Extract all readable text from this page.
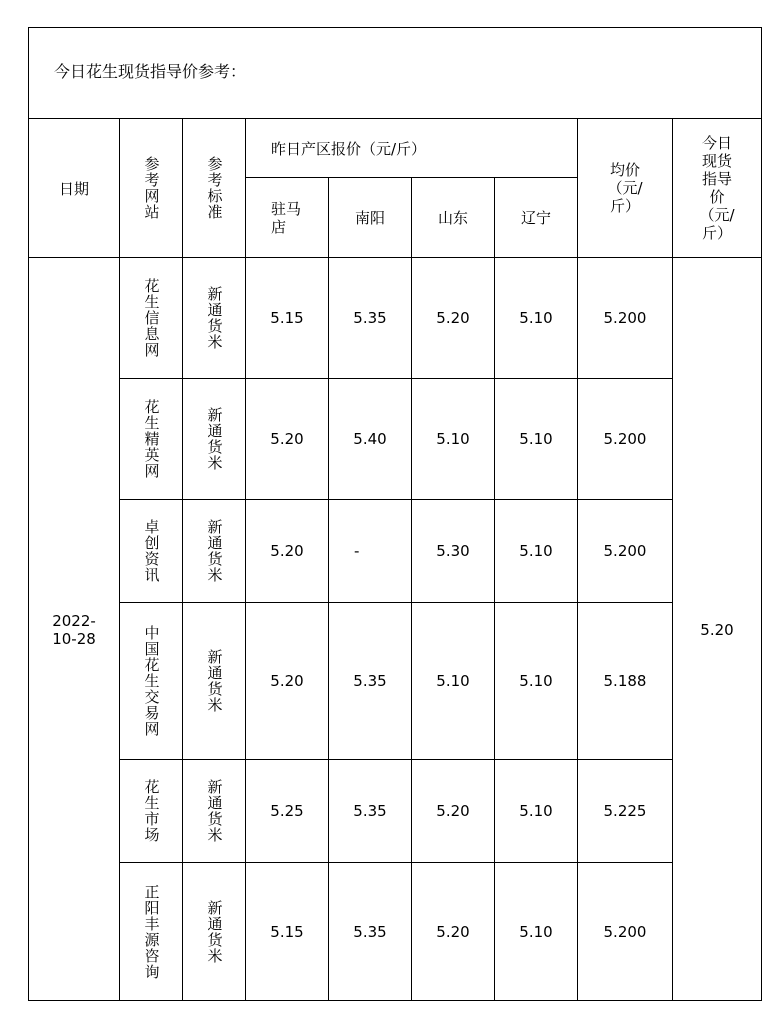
今日花生现货指导价参考：
日期	参考网站	参考标准
昨日产区报价（元/斤）
驻马店	南阳	山东	辽宁
均价（元/斤）
今日现货指导价（元/斤）
2022-10-28	5.20
花生信息网	新通货米	5.15	5.35	5.20	5.10	5.200
花生精英网	新通货米	5.20	5.40	5.10	5.10	5.200
卓创资讯	新通货米	5.20	-	5.30	5.10	5.200
中国花生交易网	新通货米	5.20	5.35	5.10	5.10	5.188
花生市场	新通货米	5.25	5.35	5.20	5.10	5.225
正阳丰源咨询	新通货米	5.15	5.35	5.20	5.10	5.200
